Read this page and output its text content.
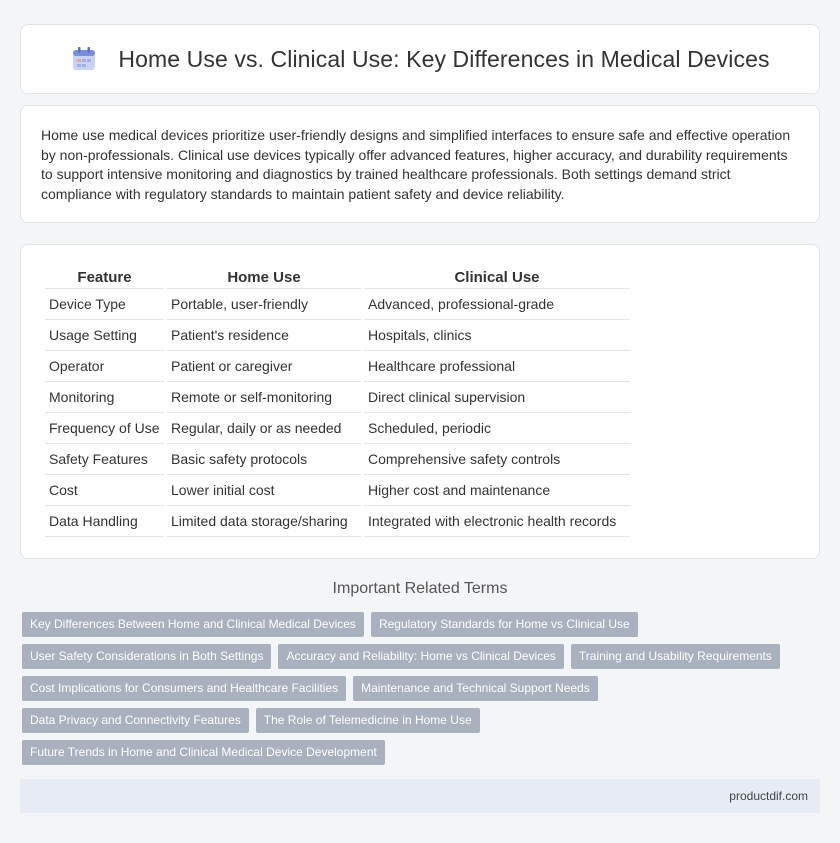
Home Use vs. Clinical Use: Key Differences in Medical Devices

Home use medical devices prioritize user-friendly designs and simplified interfaces to ensure safe and effective operation by non-professionals. Clinical use devices typically offer advanced features, higher accuracy, and durability requirements to support intensive monitoring and diagnostics by trained healthcare professionals. Both settings demand strict compliance with regulatory standards to maintain patient safety and device reliability.

Feature	Home Use	Clinical Use
Device Type	Portable, user-friendly	Advanced, professional-grade
Usage Setting	Patient's residence	Hospitals, clinics
Operator	Patient or caregiver	Healthcare professional
Monitoring	Remote or self-monitoring	Direct clinical supervision
Frequency of Use	Regular, daily or as needed	Scheduled, periodic
Safety Features	Basic safety protocols	Comprehensive safety controls
Cost	Lower initial cost	Higher cost and maintenance
Data Handling	Limited data storage/sharing	Integrated with electronic health records
Important Related Terms
Key Differences Between Home and Clinical Medical Devices	Regulatory Standards for Home vs Clinical Use
User Safety Considerations in Both Settings	Accuracy and Reliability: Home vs Clinical Devices	Training and Usability Requirements
Cost Implications for Consumers and Healthcare Facilities	Maintenance and Technical Support Needs
Data Privacy and Connectivity Features	The Role of Telemedicine in Home Use
Future Trends in Home and Clinical Medical Device Development
productdif.com
